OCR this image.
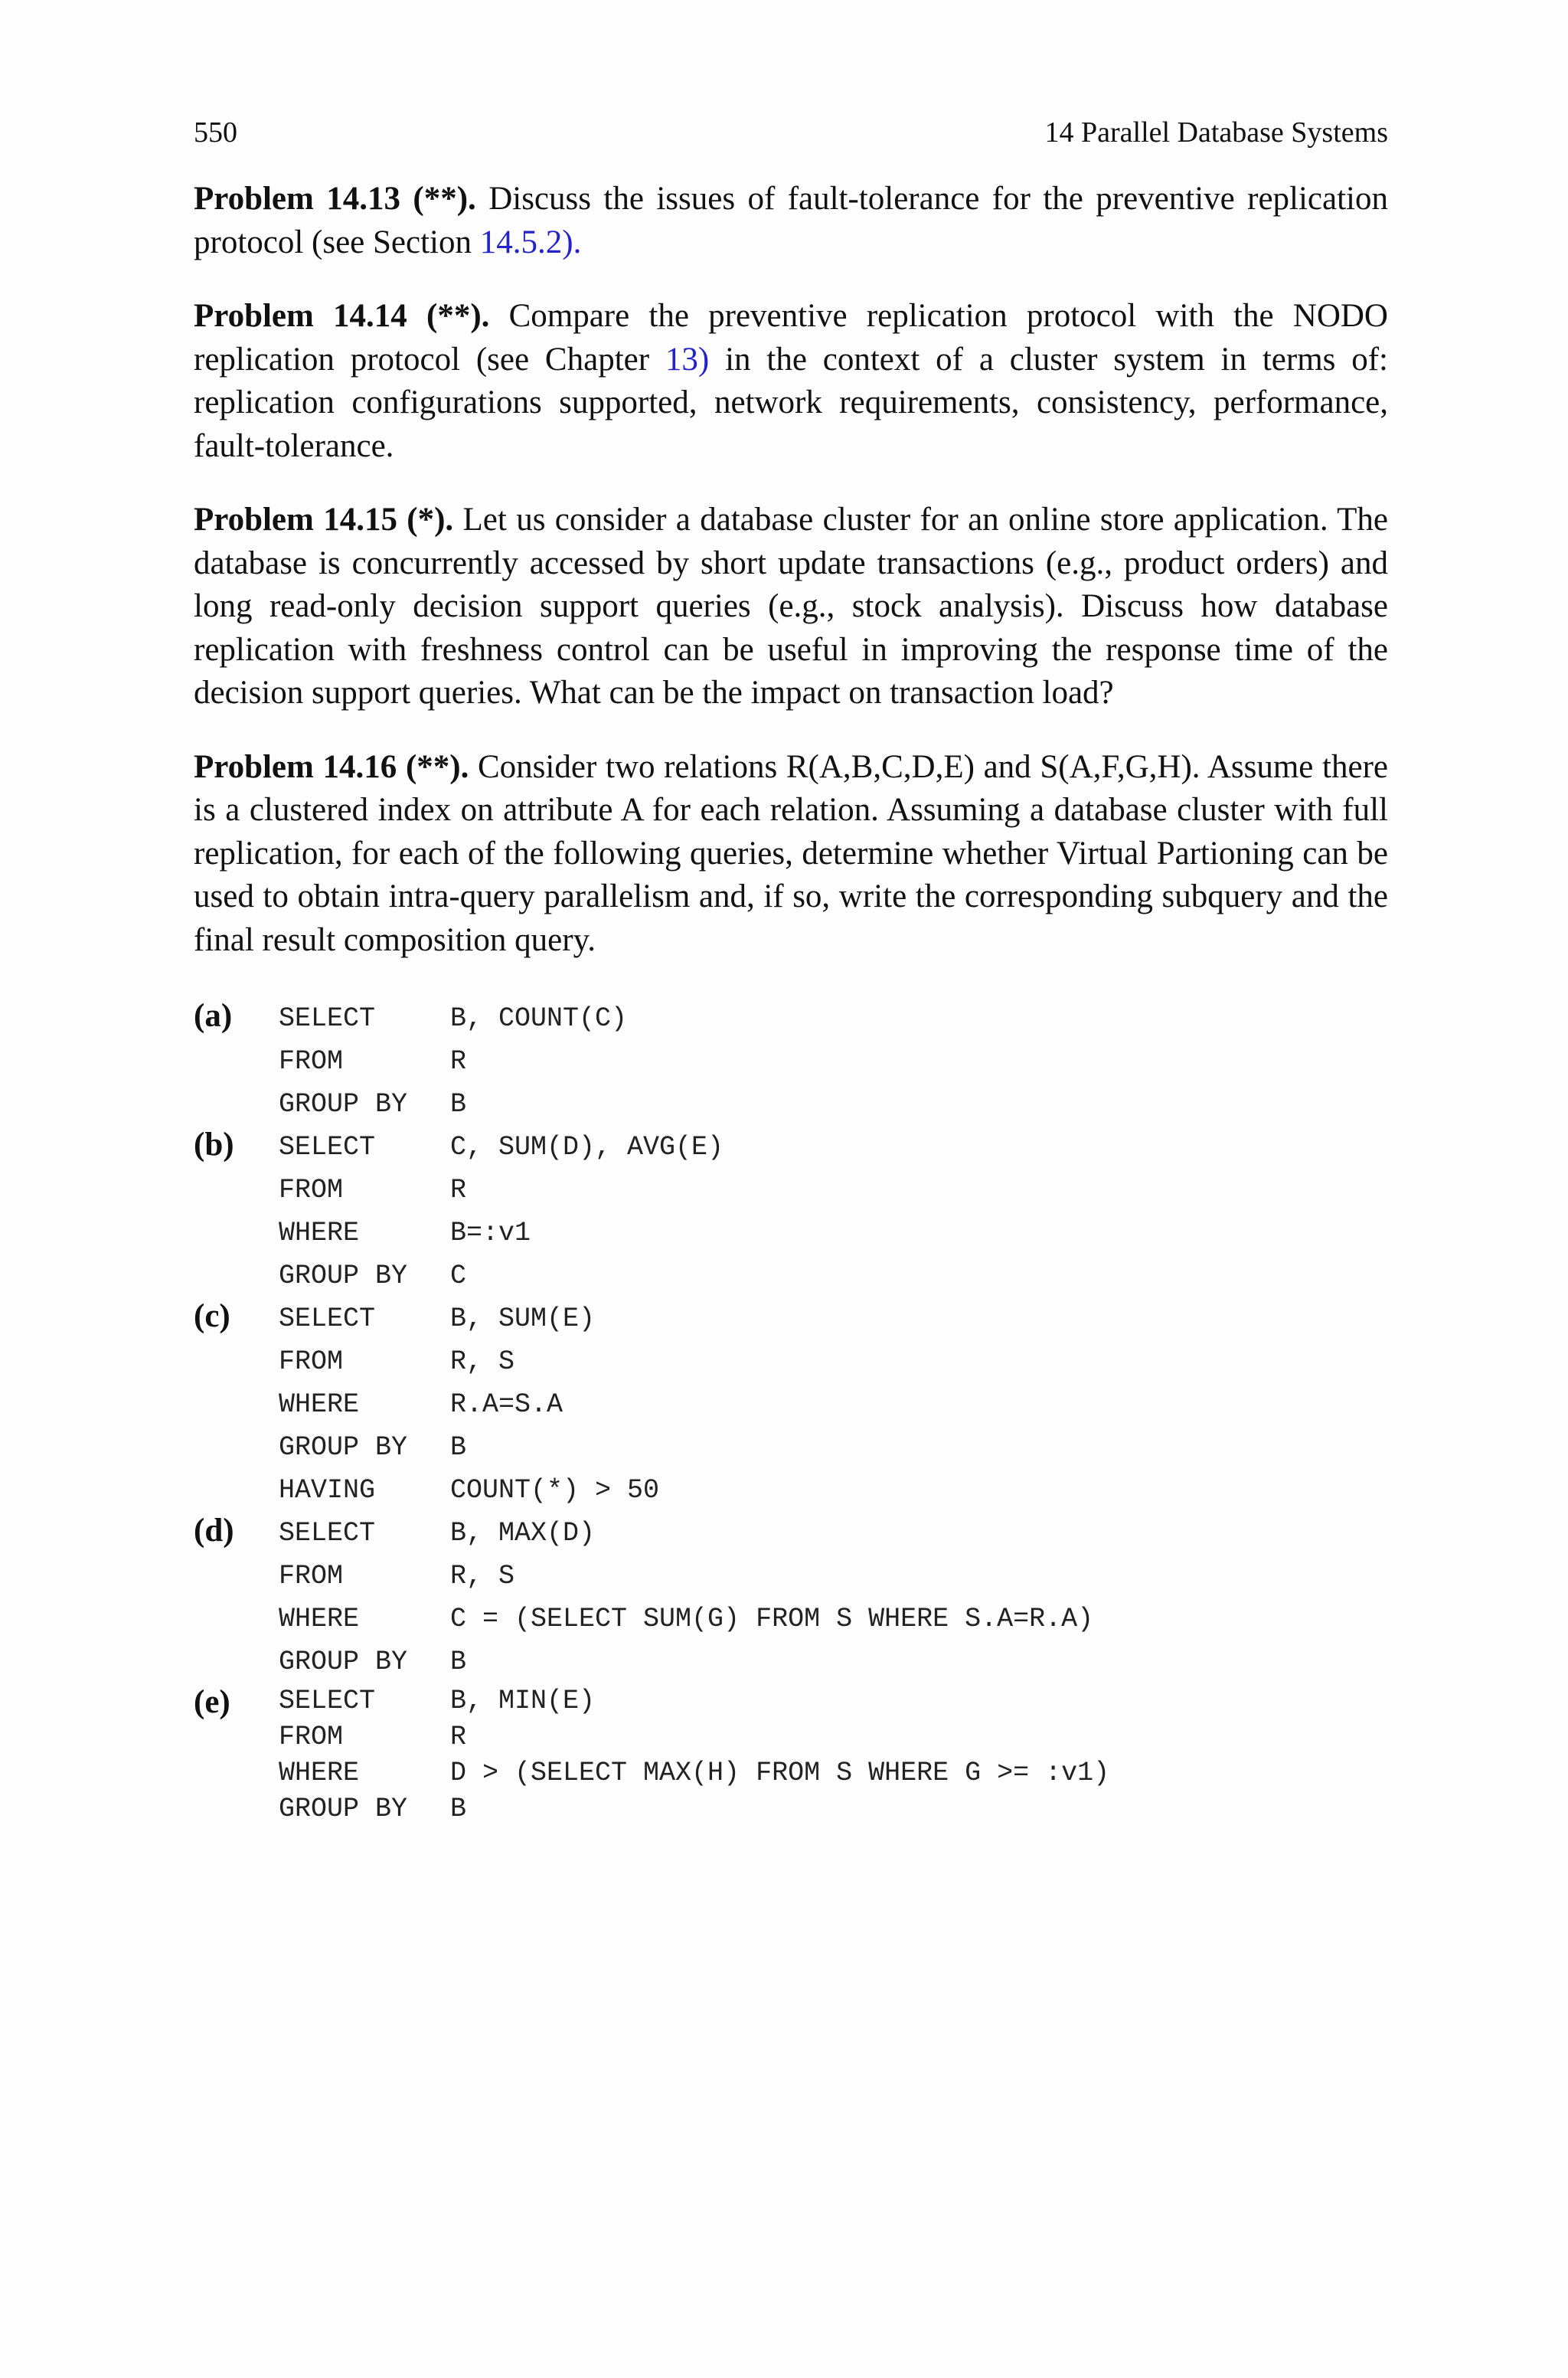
550	14 Parallel Database Systems

Problem 14.13 (**). Discuss the issues of fault-tolerance for the preventive replication protocol (see Section 14.5.2).

Problem 14.14 (**). Compare the preventive replication protocol with the NODO replication protocol (see Chapter 13) in the context of a cluster system in terms of: replication configurations supported, network requirements, consistency, performance, fault-tolerance.

Problem 14.15 (*). Let us consider a database cluster for an online store application. The database is concurrently accessed by short update transactions (e.g., product orders) and long read-only decision support queries (e.g., stock analysis). Discuss how database replication with freshness control can be useful in improving the response time of the decision support queries. What can be the impact on transaction load?

Problem 14.16 (**). Consider two relations R(A,B,C,D,E) and S(A,F,G,H). Assume there is a clustered index on attribute A for each relation. Assuming a database cluster with full replication, for each of the following queries, determine whether Virtual Partioning can be used to obtain intra-query parallelism and, if so, write the corresponding subquery and the final result composition query.

(a) SELECT	B, COUNT(C)
FROM	R
GROUP BY	B
(b) SELECT	C, SUM(D), AVG(E)
FROM	R
WHERE	B=:v1
GROUP BY	C
(c) SELECT	B, SUM(E)
FROM	R, S
WHERE	R.A=S.A
GROUP BY	B
HAVING	COUNT(*) > 50
(d) SELECT	B, MAX(D)
FROM	R, S
WHERE	C = (SELECT SUM(G) FROM S WHERE S.A=R.A)
GROUP BY	B
(e) SELECT	B, MIN(E)
FROM	R
WHERE	D > (SELECT MAX(H) FROM S WHERE G >= :v1)
GROUP BY	B
